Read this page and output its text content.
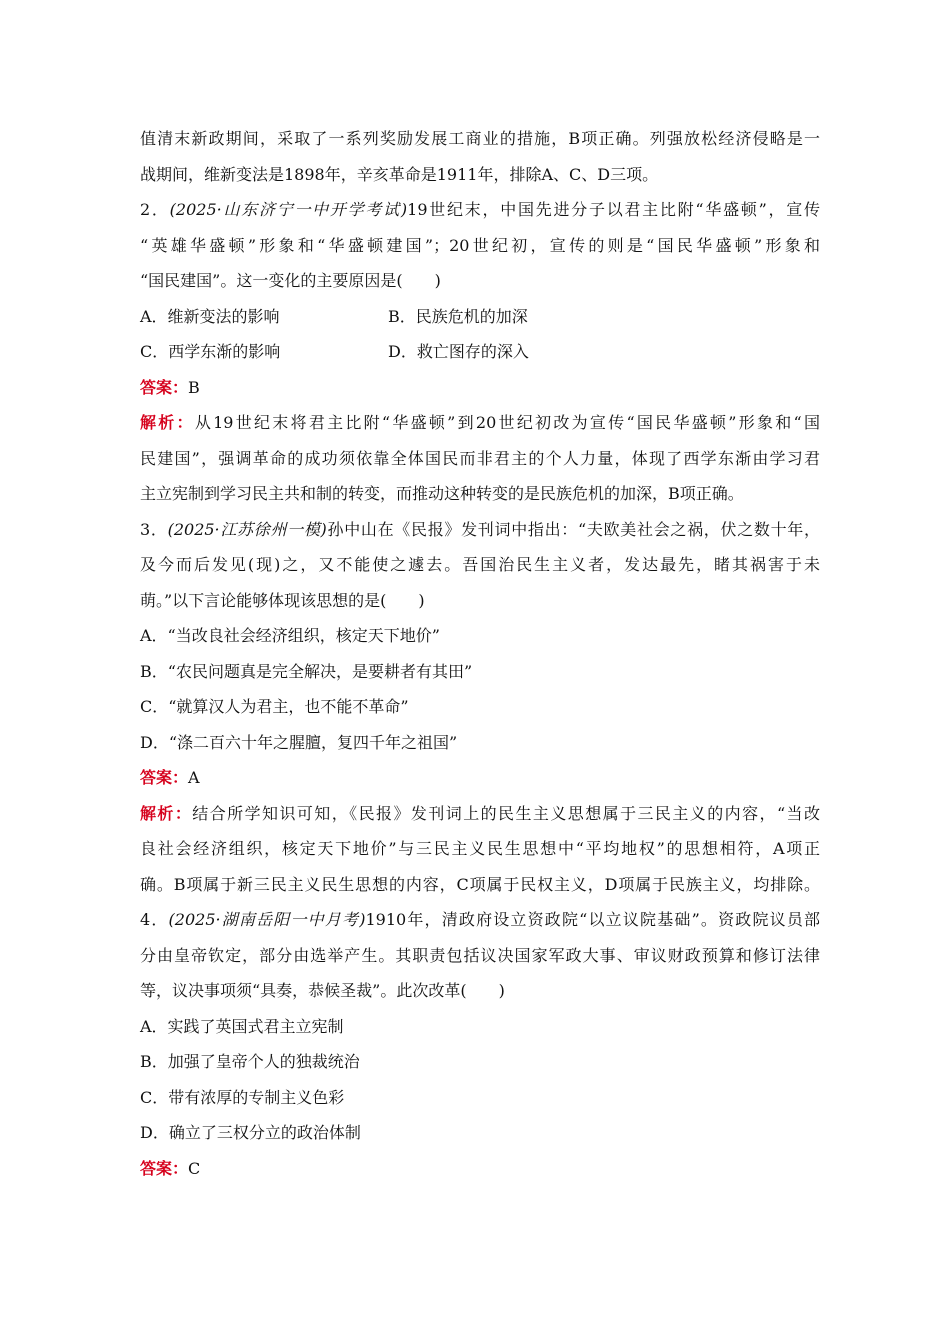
值清末新政期间，采取了一系列奖励发展工商业的措施，B项正确。列强放松经济侵略是一
战期间，维新变法是1898年，辛亥革命是1911年，排除A、C、D三项。
2．(2025·山东济宁一中开学考试)19世纪末，中国先进分子以君主比附“华盛顿”，宣传
“英雄华盛顿”形象和“华盛顿建国”；20世纪初，宣传的则是“国民华盛顿”形象和
“国民建国”。这一变化的主要原因是(　　)
A．维新变法的影响	B．民族危机的加深
C．西学东渐的影响	D．救亡图存的深入
答案：B
解析：从19世纪末将君主比附“华盛顿”到20世纪初改为宣传“国民华盛顿”形象和“国
民建国”，强调革命的成功须依靠全体国民而非君主的个人力量，体现了西学东渐由学习君
主立宪制到学习民主共和制的转变，而推动这种转变的是民族危机的加深，B项正确。
3．(2025·江苏徐州一模)孙中山在《民报》发刊词中指出：“夫欧美社会之祸，伏之数十年，
及今而后发见(现)之，又不能使之遽去。吾国治民生主义者，发达最先，睹其祸害于未
萌。”以下言论能够体现该思想的是(　　)
A．“当改良社会经济组织，核定天下地价”
B．“农民问题真是完全解决，是要耕者有其田”
C．“就算汉人为君主，也不能不革命”
D．“涤二百六十年之腥膻，复四千年之祖国”
答案：A
解析：结合所学知识可知，《民报》发刊词上的民生主义思想属于三民主义的内容，“当改
良社会经济组织，核定天下地价”与三民主义民生思想中“平均地权”的思想相符，A项正
确。B项属于新三民主义民生思想的内容，C项属于民权主义，D项属于民族主义，均排除。
4．(2025·湖南岳阳一中月考)1910年，清政府设立资政院“以立议院基础”。资政院议员部
分由皇帝钦定，部分由选举产生。其职责包括议决国家军政大事、审议财政预算和修订法律
等，议决事项须“具奏，恭候圣裁”。此次改革(　　)
A．实践了英国式君主立宪制
B．加强了皇帝个人的独裁统治
C．带有浓厚的专制主义色彩
D．确立了三权分立的政治体制
答案：C
